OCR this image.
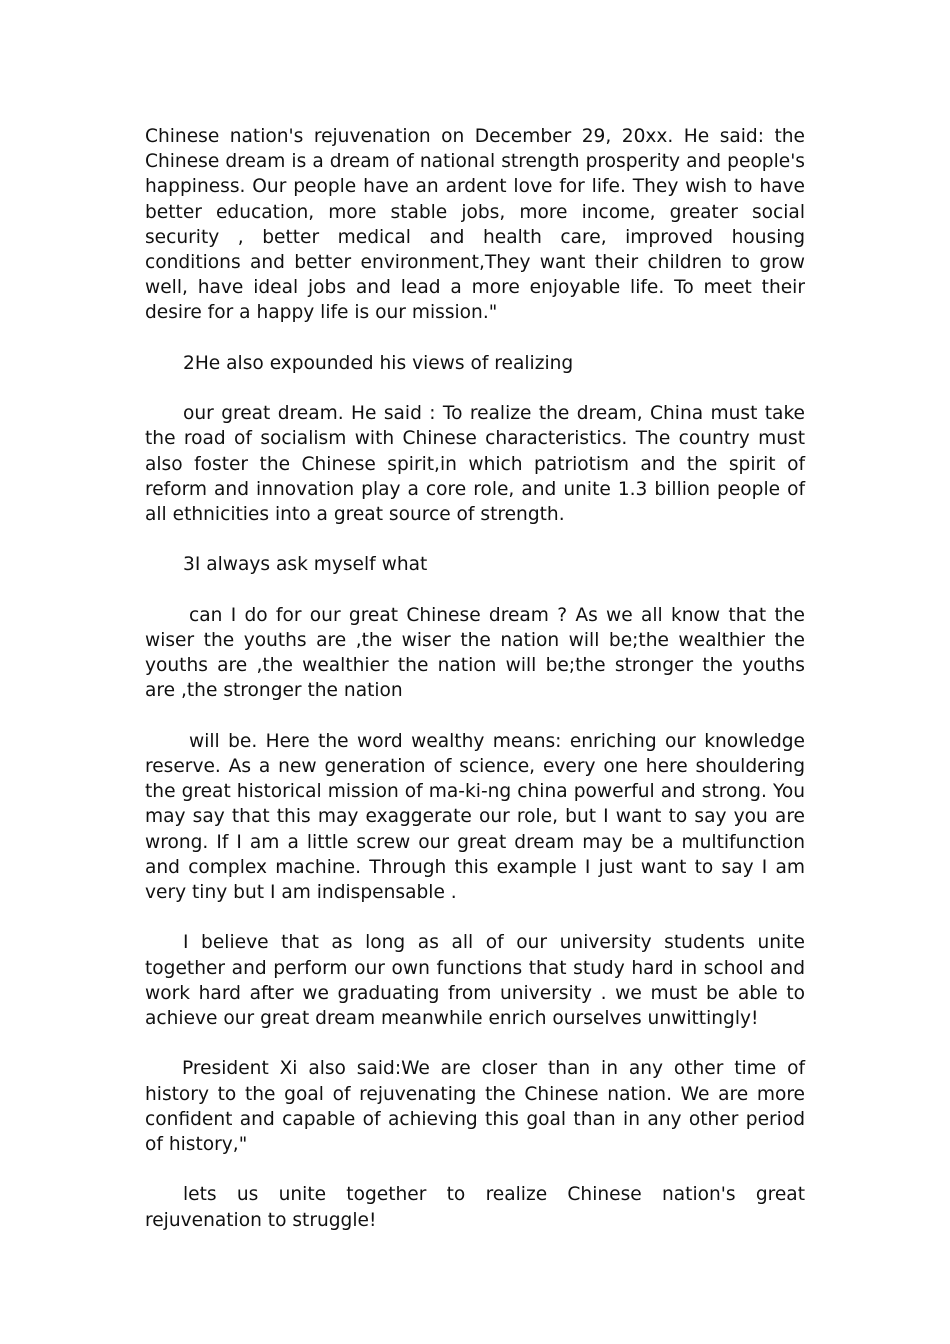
Chinese nation's rejuvenation on December 29, 20xx. He said: the Chinese dream is a dream of national strength prosperity and people's happiness. Our people have an ardent love for life. They wish to have better education, more stable jobs, more income, greater social security , better medical and health care, improved housing conditions and better environment,They want their children to grow well, have ideal jobs and lead a more enjoyable life. To meet their desire for a happy life is our mission."

2He also expounded his views of realizing

our great dream. He said : To realize the dream, China must take the road of socialism with Chinese characteristics. The country must also foster the Chinese spirit,in which patriotism and the spirit of reform and innovation play a core role, and unite 1.3 billion people of all ethnicities into a great source of strength.

3I always ask myself what

can I do for our great Chinese dream ? As we all know that the wiser the youths are ,the wiser the nation will be;the wealthier the youths are ,the wealthier the nation will be;the stronger the youths are ,the stronger the nation

will be. Here the word wealthy means: enriching our knowledge reserve. As a new generation of science, every one here shouldering the great historical mission of ma-ki-ng china powerful and strong. You may say that this may exaggerate our role, but I want to say you are wrong. If I am a little screw our great dream may be a multifunction and complex machine. Through this example I just want to say I am very tiny but I am indispensable .

I believe that as long as all of our university students unite together and perform our own functions that study hard in school and work hard after we graduating from university . we must be able to achieve our great dream meanwhile enrich ourselves unwittingly!

President Xi also said:We are closer than in any other time of history to the goal of rejuvenating the Chinese nation. We are more confident and capable of achieving this goal than in any other period of history,"

lets us unite together to realize Chinese nation's great rejuvenation to struggle!
